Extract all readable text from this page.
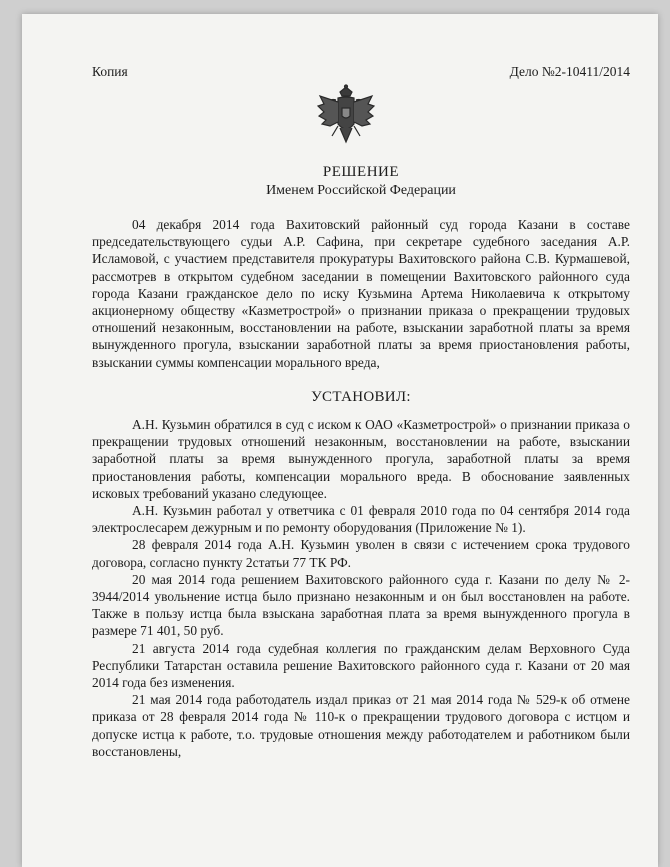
Копия	Дело №2-10411/2014
РЕШЕНИЕ
Именем Российской Федерации

04 декабря 2014 года Вахитовский районный суд города Казани в составе председательствующего судьи А.Р. Сафина, при секретаре судебного заседания А.Р. Исламовой, с участием представителя прокуратуры Вахитовского района С.В. Курмашевой, рассмотрев в открытом судебном заседании в помещении Вахитовского районного суда города Казани гражданское дело по иску Кузьмина Артема Николаевича к открытому акционерному обществу «Казметрострой» о признании приказа о прекращении трудовых отношений незаконным, восстановлении на работе, взыскании заработной платы за время вынужденного прогула, взыскании заработной платы за время приостановления работы, взыскании суммы компенсации морального вреда,

УСТАНОВИЛ:

А.Н. Кузьмин обратился в суд с иском к ОАО «Казметрострой» о признании приказа о прекращении трудовых отношений незаконным, восстановлении на работе, взыскании заработной платы за время вынужденного прогула, заработной платы за время приостановления работы, компенсации морального вреда. В обоснование заявленных исковых требований указано следующее.

А.Н. Кузьмин работал у ответчика с 01 февраля 2010 года по 04 сентября 2014 года электрослесарем дежурным и по ремонту оборудования (Приложение № 1).

28 февраля 2014 года А.Н. Кузьмин уволен в связи с истечением срока трудового договора, согласно пункту 2статьи 77 ТК РФ.

20 мая 2014 года решением Вахитовского районного суда г. Казани по делу № 2-3944/2014 увольнение истца было признано незаконным и он был восстановлен на работе. Также в пользу истца была взыскана заработная плата за время вынужденного прогула в размере 71 401, 50 руб.

21 августа 2014 года судебная коллегия по гражданским делам Верховного Суда Республики Татарстан оставила решение Вахитовского районного суда г. Казани от 20 мая 2014 года без изменения.

21 мая 2014 года работодатель издал приказ от 21 мая 2014 года № 529-к об отмене приказа от 28 февраля 2014 года № 110-к о прекращении трудового договора с истцом и допуске истца к работе, т.о. трудовые отношения между работодателем и работником были восстановлены,
